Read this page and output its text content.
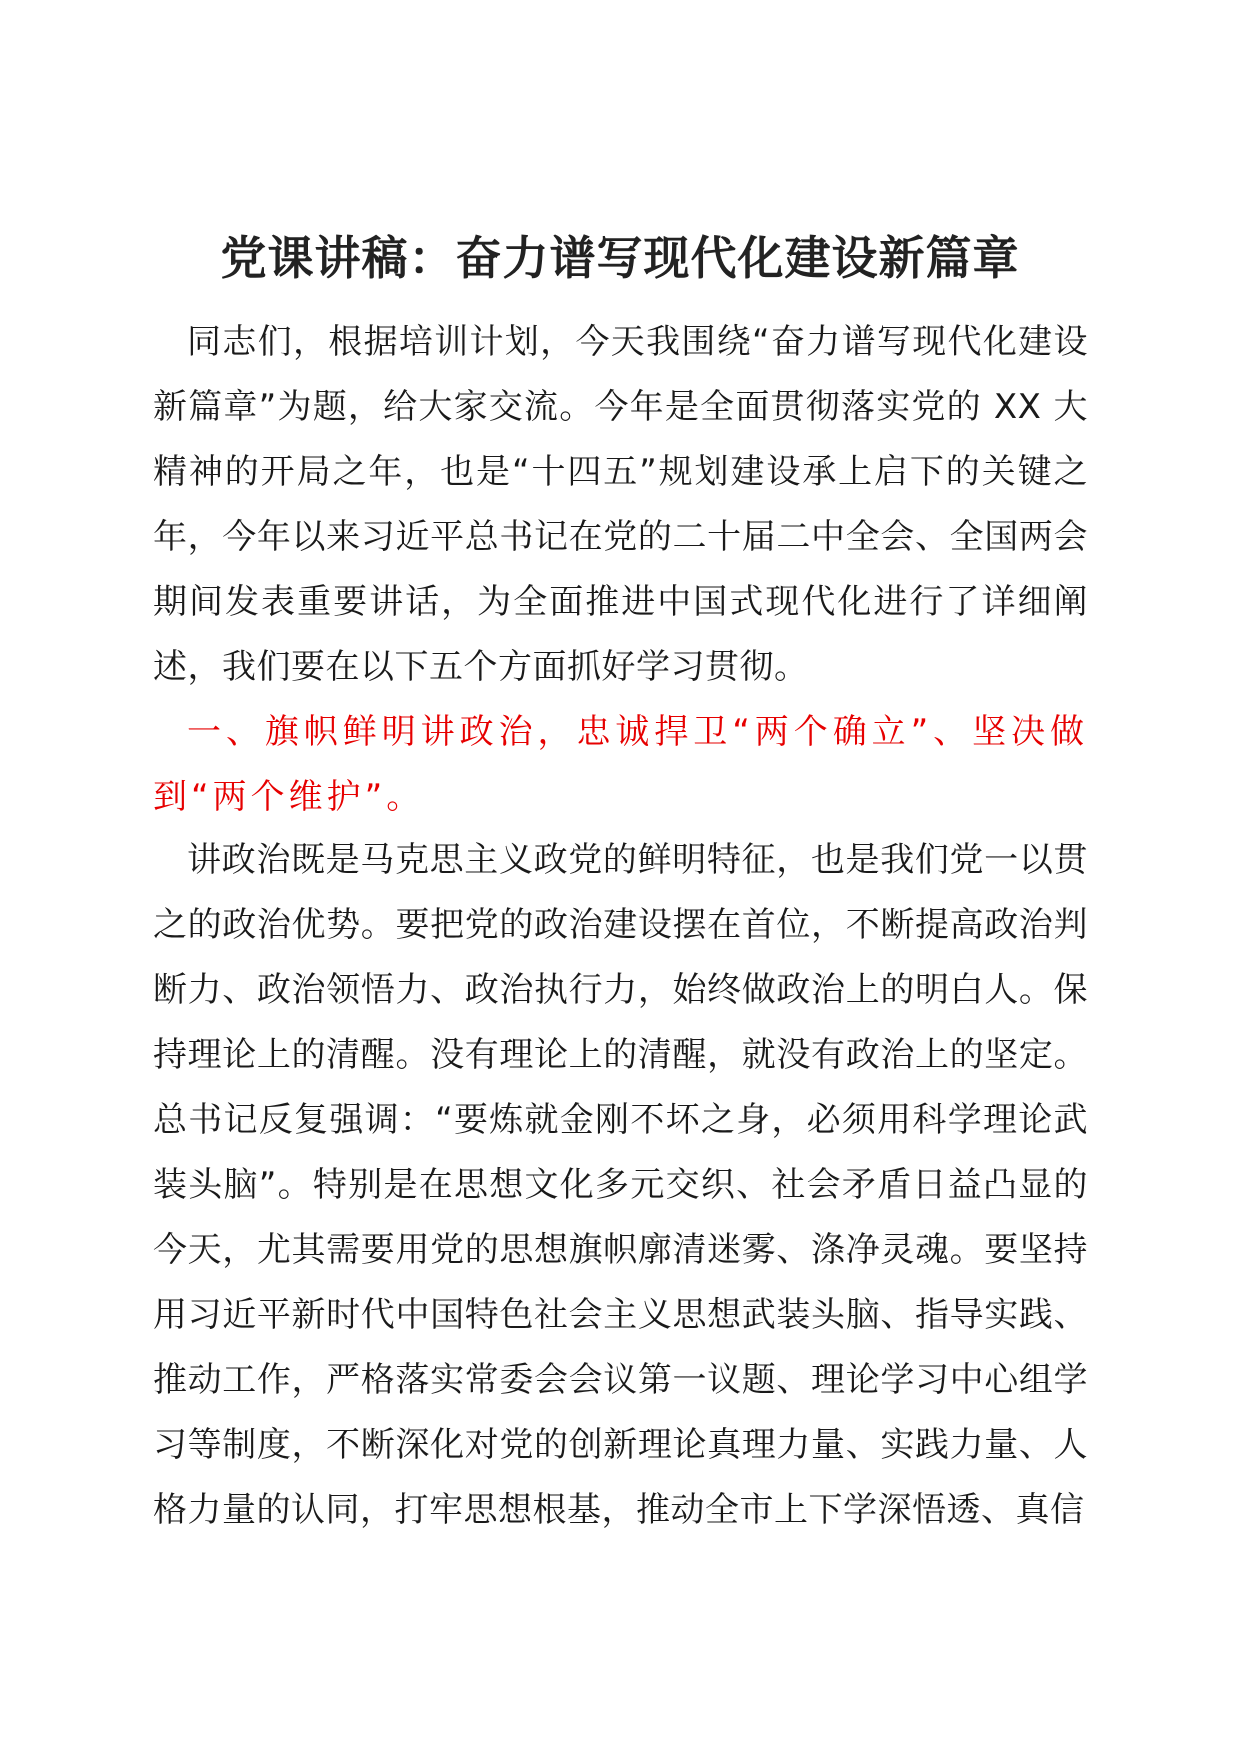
党课讲稿：奋力谱写现代化建设新篇章

同志们，根据培训计划，今天我围绕“奋力谱写现代化建设新篇章”为题，给大家交流。今年是全面贯彻落实党的 XX 大精神的开局之年，也是“十四五”规划建设承上启下的关键之年，今年以来习近平总书记在党的二十届二中全会、全国两会期间发表重要讲话，为全面推进中国式现代化进行了详细阐述，我们要在以下五个方面抓好学习贯彻。

一、旗帜鲜明讲政治，忠诚捍卫“两个确立”、坚决做到“两个维护”。

讲政治既是马克思主义政党的鲜明特征，也是我们党一以贯之的政治优势。要把党的政治建设摆在首位，不断提高政治判断力、政治领悟力、政治执行力，始终做政治上的明白人。保持理论上的清醒。没有理论上的清醒，就没有政治上的坚定。总书记反复强调：“要炼就金刚不坏之身，必须用科学理论武装头脑”。特别是在思想文化多元交织、社会矛盾日益凸显的今天，尤其需要用党的思想旗帜廓清迷雾、涤净灵魂。要坚持用习近平新时代中国特色社会主义思想武装头脑、指导实践、推动工作，严格落实常委会会议第一议题、理论学习中心组学习等制度，不断深化对党的创新理论真理力量、实践力量、人格力量的认同，打牢思想根基，推动全市上下学深悟透、真信
